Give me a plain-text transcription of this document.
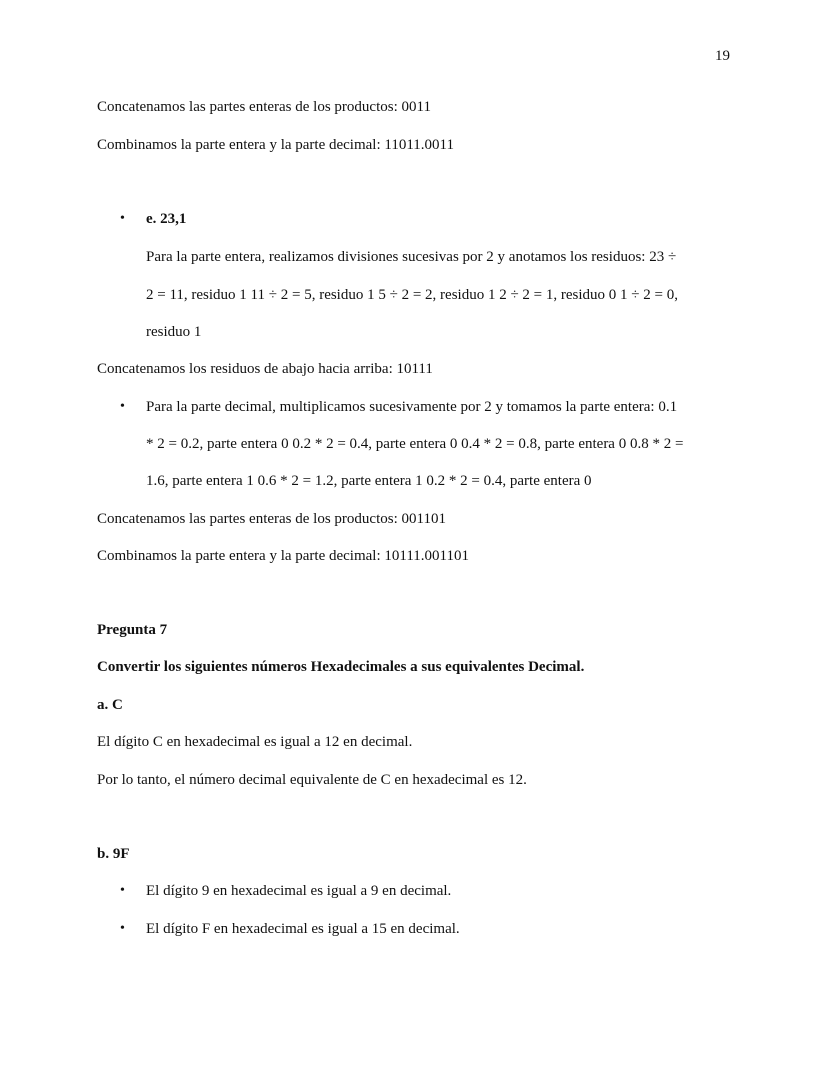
19
Concatenamos las partes enteras de los productos: 0011
Combinamos la parte entera y la parte decimal: 11011.0011
• e. 23,1
Para la parte entera, realizamos divisiones sucesivas por 2 y anotamos los residuos: 23 ÷
2 = 11, residuo 1 11 ÷ 2 = 5, residuo 1 5 ÷ 2 = 2, residuo 1 2 ÷ 2 = 1, residuo 0 1 ÷ 2 = 0,
residuo 1
Concatenamos los residuos de abajo hacia arriba: 10111
• Para la parte decimal, multiplicamos sucesivamente por 2 y tomamos la parte entera: 0.1
* 2 = 0.2, parte entera 0 0.2 * 2 = 0.4, parte entera 0 0.4 * 2 = 0.8, parte entera 0 0.8 * 2 =
1.6, parte entera 1 0.6 * 2 = 1.2, parte entera 1 0.2 * 2 = 0.4, parte entera 0
Concatenamos las partes enteras de los productos: 001101
Combinamos la parte entera y la parte decimal: 10111.001101
Pregunta 7
Convertir los siguientes números Hexadecimales a sus equivalentes Decimal.
a. C
El dígito C en hexadecimal es igual a 12 en decimal.
Por lo tanto, el número decimal equivalente de C en hexadecimal es 12.
b. 9F
• El dígito 9 en hexadecimal es igual a 9 en decimal.
• El dígito F en hexadecimal es igual a 15 en decimal.
